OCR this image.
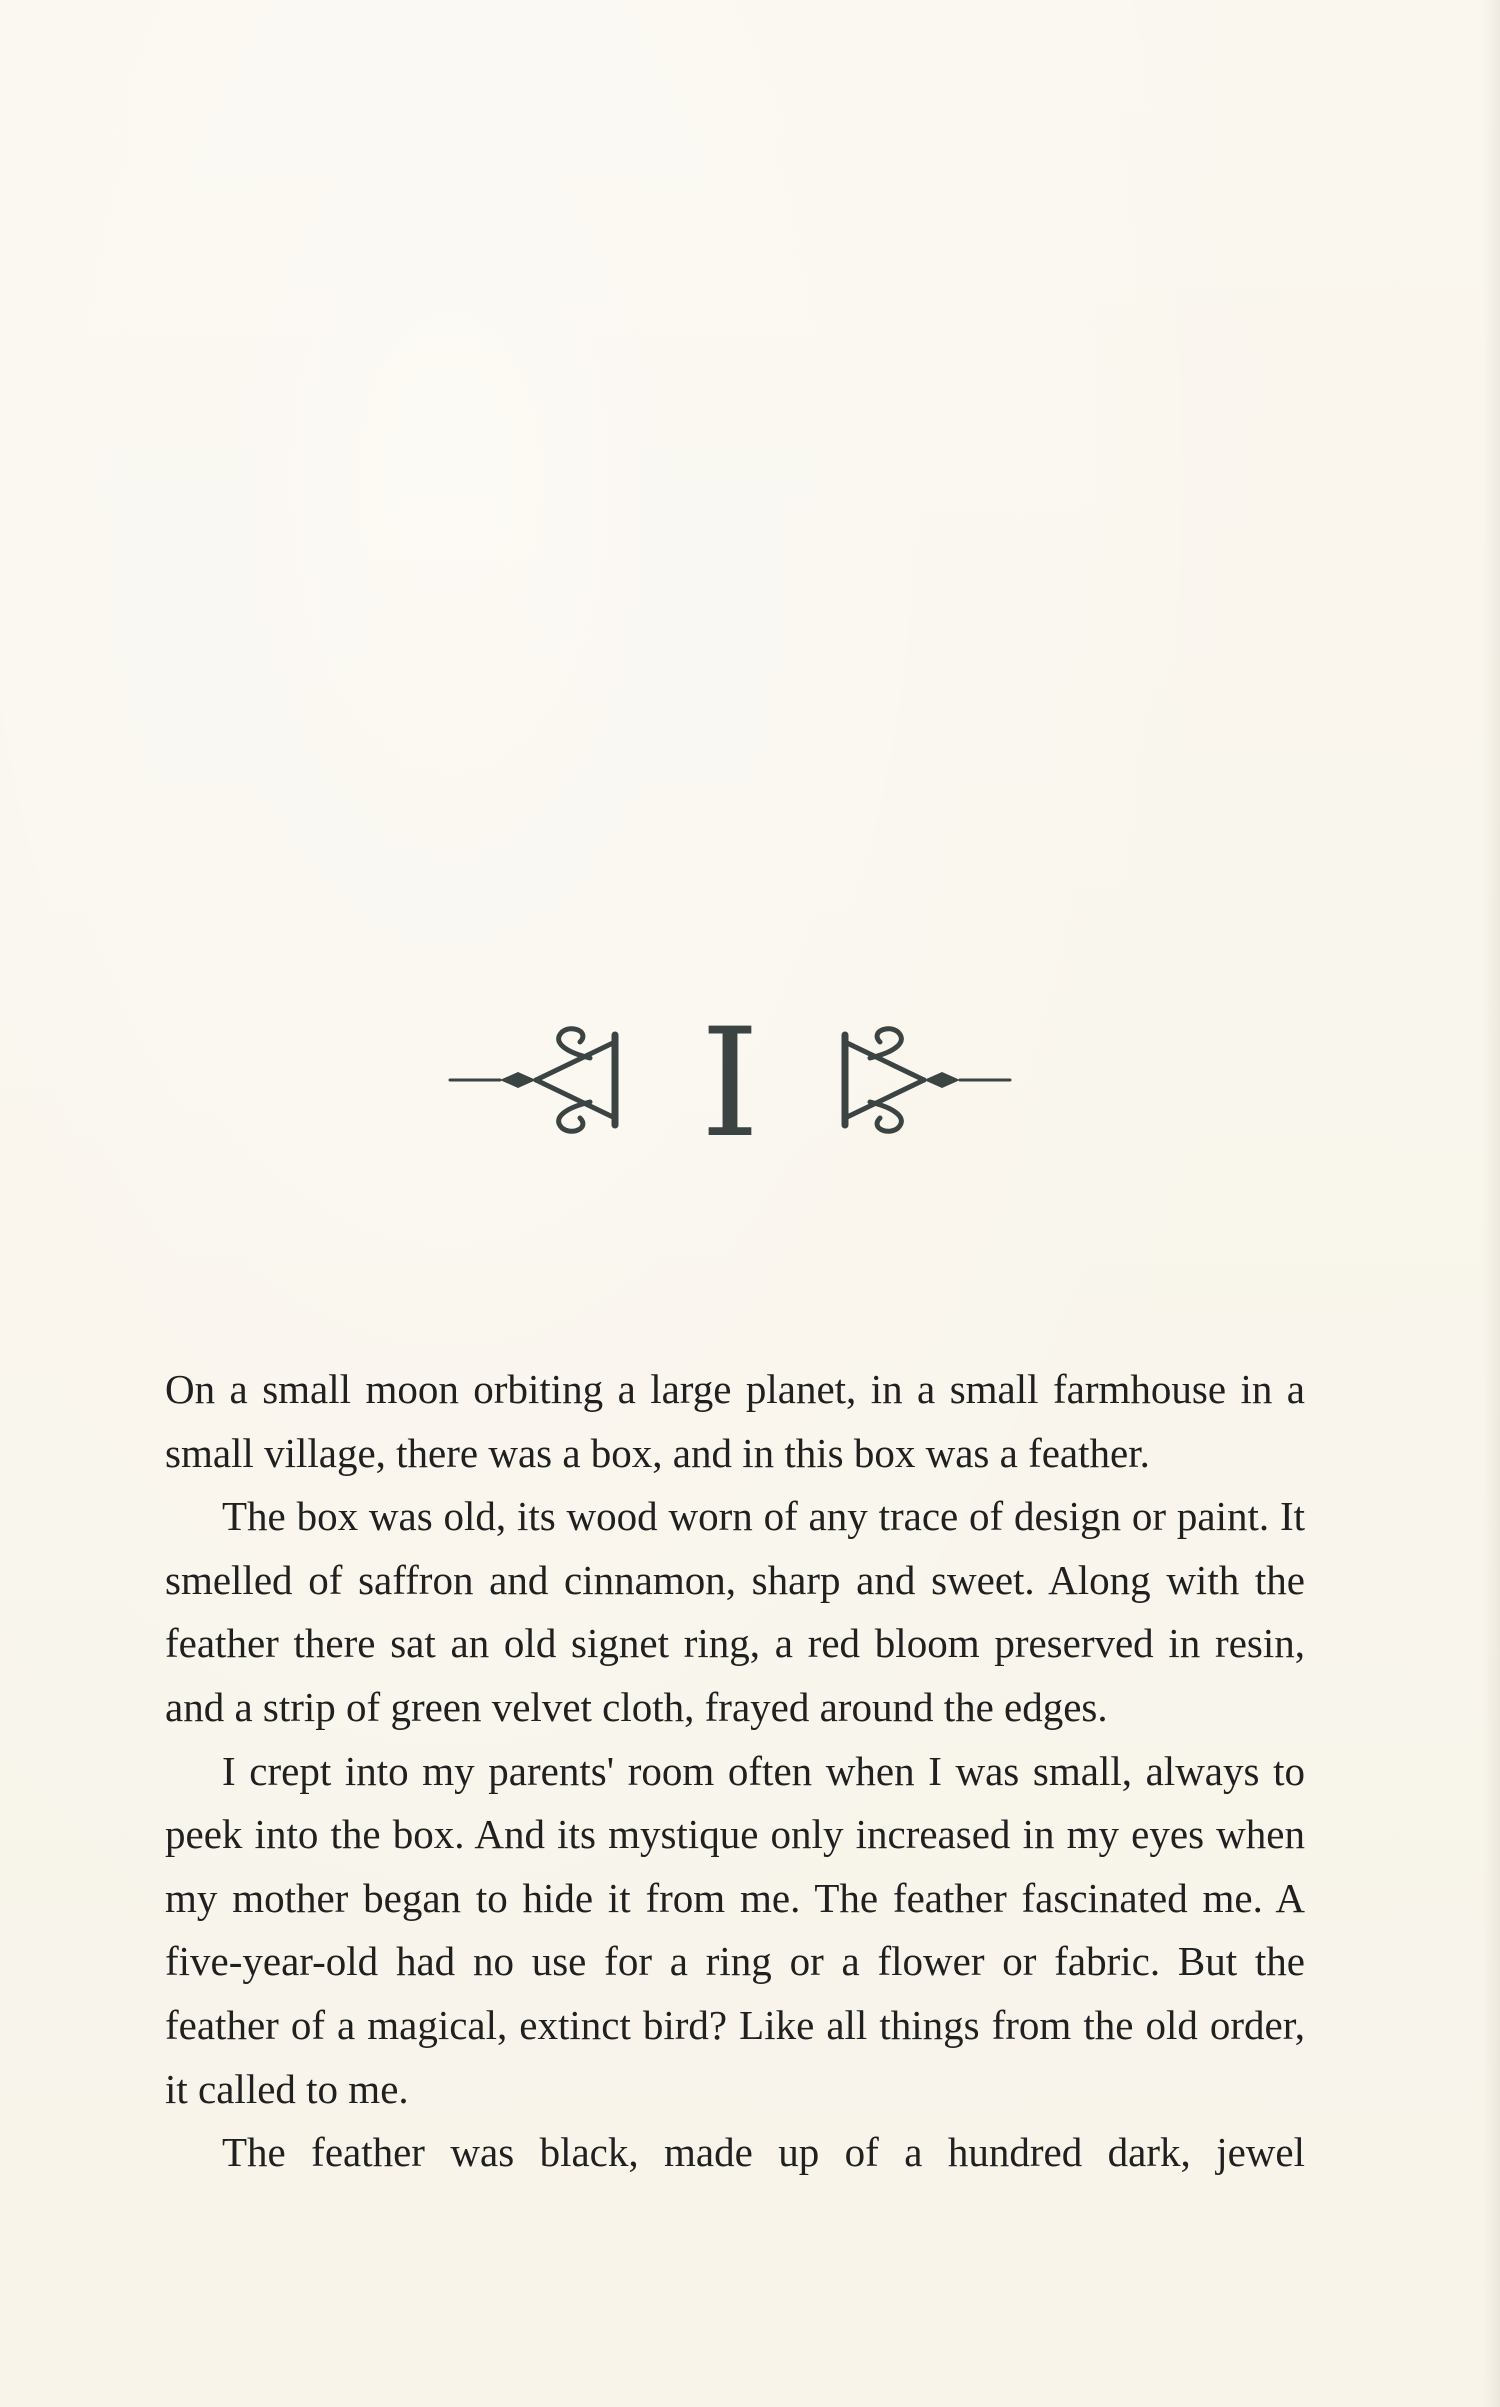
I

On a small moon orbiting a large planet, in a small farmhouse in a small village, there was a box, and in this box was a feather.

The box was old, its wood worn of any trace of design or paint. It smelled of saffron and cinnamon, sharp and sweet. Along with the feather there sat an old signet ring, a red bloom preserved in resin, and a strip of green velvet cloth, frayed around the edges.

I crept into my parents' room often when I was small, always to peek into the box. And its mystique only increased in my eyes when my mother began to hide it from me. The feather fascinated me. A five-year-old had no use for a ring or a flower or fabric. But the feather of a magical, extinct bird? Like all things from the old order, it called to me.

The feather was black, made up of a hundred dark, jewel
